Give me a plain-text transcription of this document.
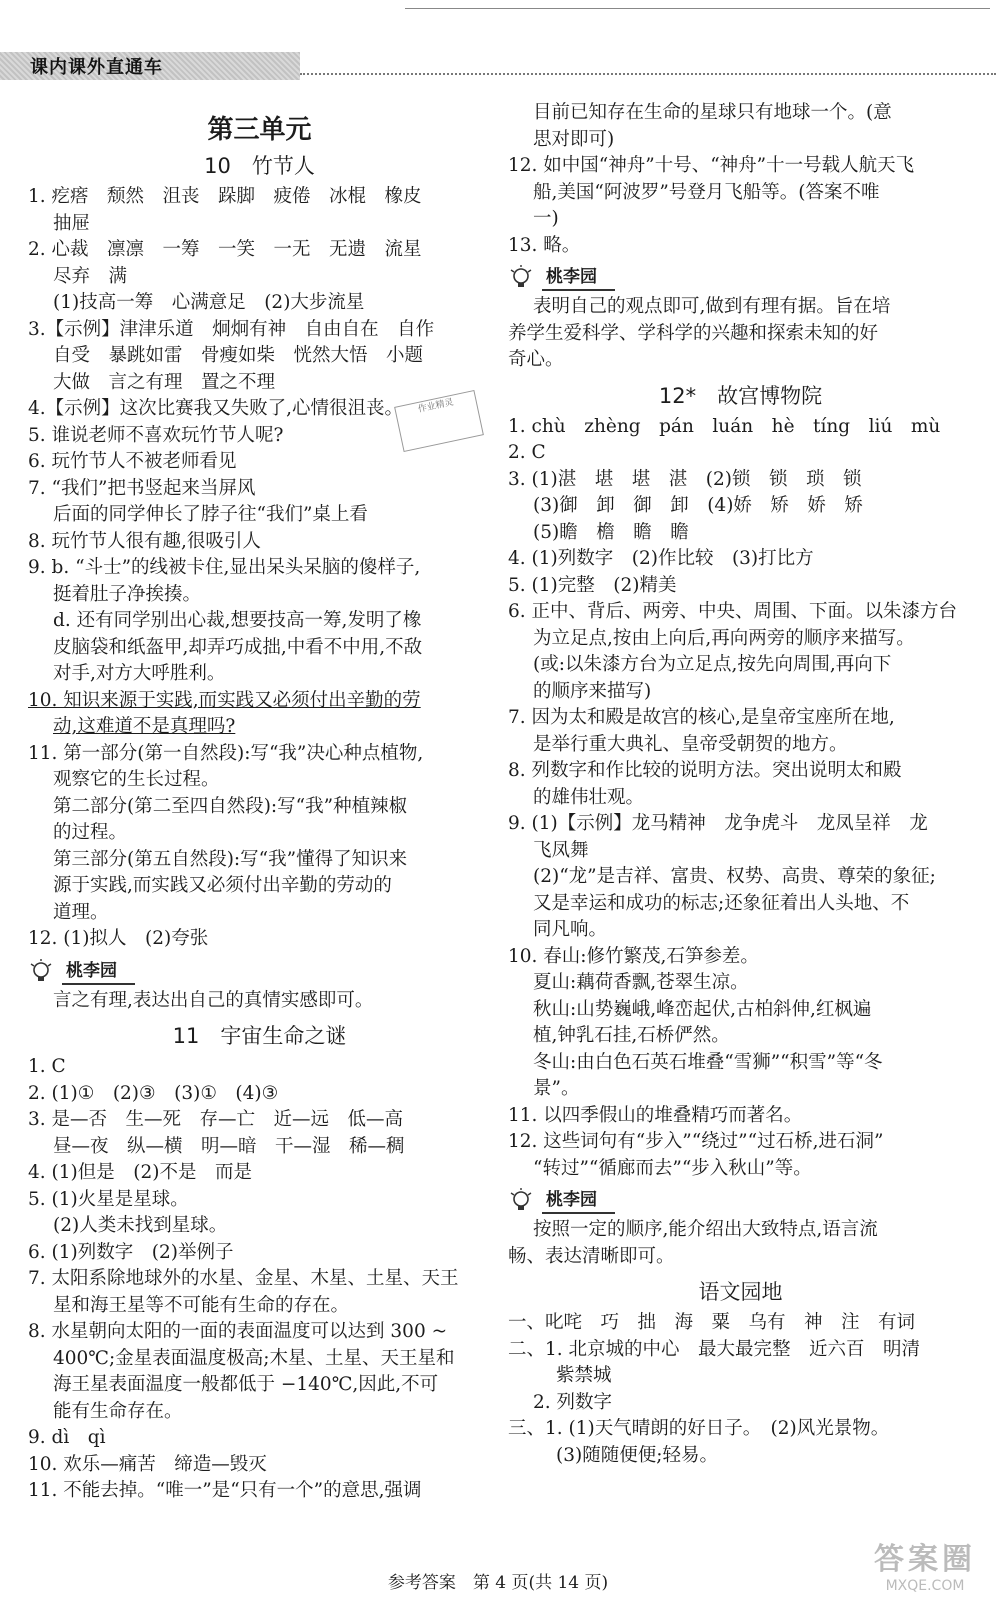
课内课外直通车
第三单元
10　竹节人

1. 疙瘩　颓然　沮丧　跺脚　疲倦　冰棍　橡皮

抽屉

2. 心裁　凛凛　一筹　一笑　一无　无遗　流星

尽弃　满

(1)技高一筹　心满意足　(2)大步流星

3.【示例】津津乐道　炯炯有神　自由自在　自作

自受　暴跳如雷　骨瘦如柴　恍然大悟　小题

大做　言之有理　置之不理

4.【示例】这次比赛我又失败了,心情很沮丧。

5. 谁说老师不喜欢玩竹节人呢?

6. 玩竹节人不被老师看见

7. “我们”把书竖起来当屏风

后面的同学伸长了脖子往“我们”桌上看

8. 玩竹节人很有趣,很吸引人

9. b. “斗士”的线被卡住,显出呆头呆脑的傻样子,

挺着肚子净挨揍。

d. 还有同学别出心裁,想要技高一筹,发明了橡

皮脑袋和纸盔甲,却弄巧成拙,中看不中用,不敌

对手,对方大呼胜利。

10. 知识来源于实践,而实践又必须付出辛勤的劳

动,这难道不是真理吗?

11. 第一部分(第一自然段):写“我”决心种点植物,

观察它的生长过程。

第二部分(第二至四自然段):写“我”种植辣椒

的过程。

第三部分(第五自然段):写“我”懂得了知识来

源于实践,而实践又必须付出辛勤的劳动的

道理。

12. (1)拟人　(2)夸张

桃李园

言之有理,表达出自己的真情实感即可。

11　宇宙生命之谜

1. C

2. (1)①　(2)③　(3)①　(4)③

3. 是—否　生—死　存—亡　近—远　低—高

昼—夜　纵—横　明—暗　干—湿　稀—稠

4. (1)但是　(2)不是　而是

5. (1)火星是星球。

(2)人类未找到星球。

6. (1)列数字　(2)举例子

7. 太阳系除地球外的水星、金星、木星、土星、天王

星和海王星等不可能有生命的存在。

8. 水星朝向太阳的一面的表面温度可以达到 300 ~

400℃;金星表面温度极高;木星、土星、天王星和

海王星表面温度一般都低于 −140℃,因此,不可

能有生命存在。

9. dì　qì

10. 欢乐—痛苦　缔造—毁灭

11. 不能去掉。“唯一”是“只有一个”的意思,强调

目前已知存在生命的星球只有地球一个。(意

思对即可)

12. 如中国“神舟”十号、“神舟”十一号载人航天飞

船,美国“阿波罗”号登月飞船等。(答案不唯

一)

13. 略。

桃李园

表明自己的观点即可,做到有理有据。旨在培

养学生爱科学、学科学的兴趣和探索未知的好

奇心。

12*　故宫博物院

1. chù　zhèng　pán　luán　hè　tíng　liú　mù

2. C

3. (1)湛　堪　堪　湛　(2)锁　锁　琐　锁

(3)御　卸　御　卸　(4)娇　矫　娇　矫

(5)瞻　檐　瞻　瞻

4. (1)列数字　(2)作比较　(3)打比方

5. (1)完整　(2)精美

6. 正中、背后、两旁、中央、周围、下面。以朱漆方台

为立足点,按由上向后,再向两旁的顺序来描写。

(或:以朱漆方台为立足点,按先向周围,再向下

的顺序来描写)

7. 因为太和殿是故宫的核心,是皇帝宝座所在地,

是举行重大典礼、皇帝受朝贺的地方。

8. 列数字和作比较的说明方法。突出说明太和殿

的雄伟壮观。

9. (1)【示例】龙马精神　龙争虎斗　龙凤呈祥　龙

飞凤舞

(2)“龙”是吉祥、富贵、权势、高贵、尊荣的象征;

又是幸运和成功的标志;还象征着出人头地、不

同凡响。

10. 春山:修竹繁茂,石笋参差。

夏山:藕荷香飘,苍翠生凉。

秋山:山势巍峨,峰峦起伏,古柏斜伸,红枫遍

植,钟乳石挂,石桥俨然。

冬山:由白色石英石堆叠“雪狮”“积雪”等“冬

景”。

11. 以四季假山的堆叠精巧而著名。

12. 这些词句有“步入”“绕过”“过石桥,进石洞”

“转过”“循廊而去”“步入秋山”等。

桃李园

按照一定的顺序,能介绍出大致特点,语言流

畅、表达清晰即可。

语文园地

一、叱咤　巧　拙　海　粟　乌有　神　注　有词

二、1. 北京城的中心　最大最完整　近六百　明清

紫禁城

2. 列数字

三、1. (1)天气晴朗的好日子。　(2)风光景物。

(3)随随便便;轻易。

作业精灵
参考答案　第 4 页(共 14 页)
答案圈
MXQE.COM
